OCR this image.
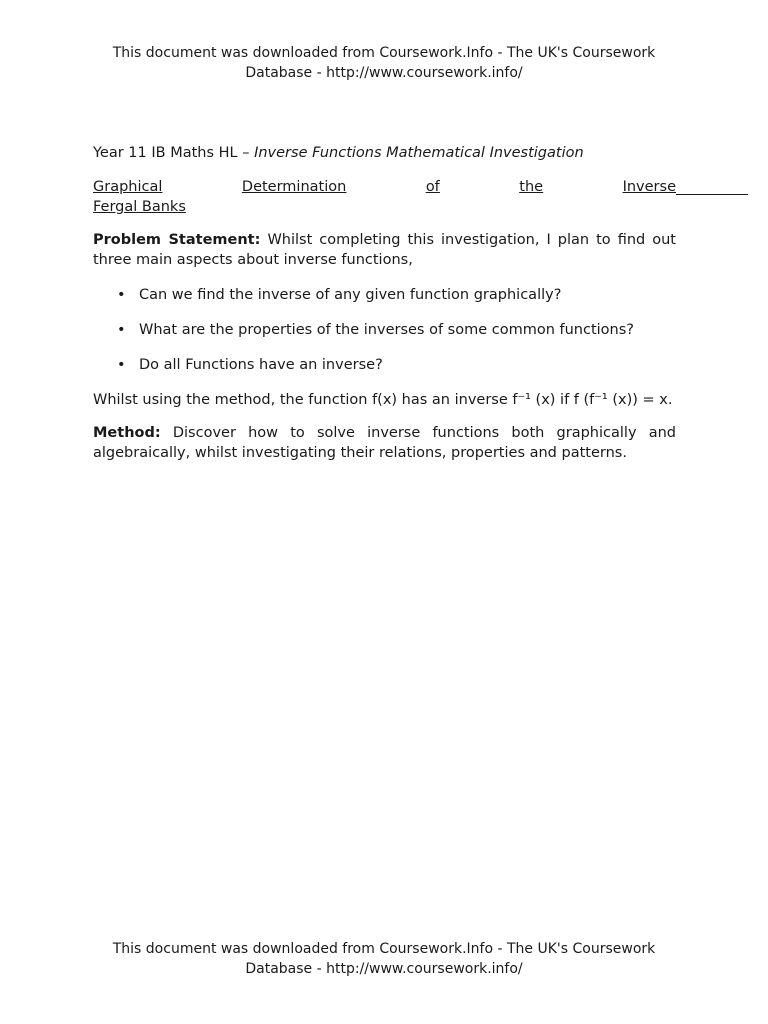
This document was downloaded from Coursework.Info - The UK's Coursework
Database - http://www.coursework.info/

Year 11 IB Maths HL – Inverse Functions Mathematical Investigation

Graphical	Determination	of	the	Inverse
Fergal Banks

Problem Statement: Whilst completing this investigation, I plan to find out three main aspects about inverse functions,

• Can we find the inverse of any given function graphically?
• What are the properties of the inverses of some common functions?
• Do all Functions have an inverse?

Whilst using the method, the function f(x) has an inverse f⁻¹ (x) if f (f⁻¹ (x)) = x.

Method: Discover how to solve inverse functions both graphically and algebraically, whilst investigating their relations, properties and patterns.

This document was downloaded from Coursework.Info - The UK's Coursework
Database - http://www.coursework.info/
